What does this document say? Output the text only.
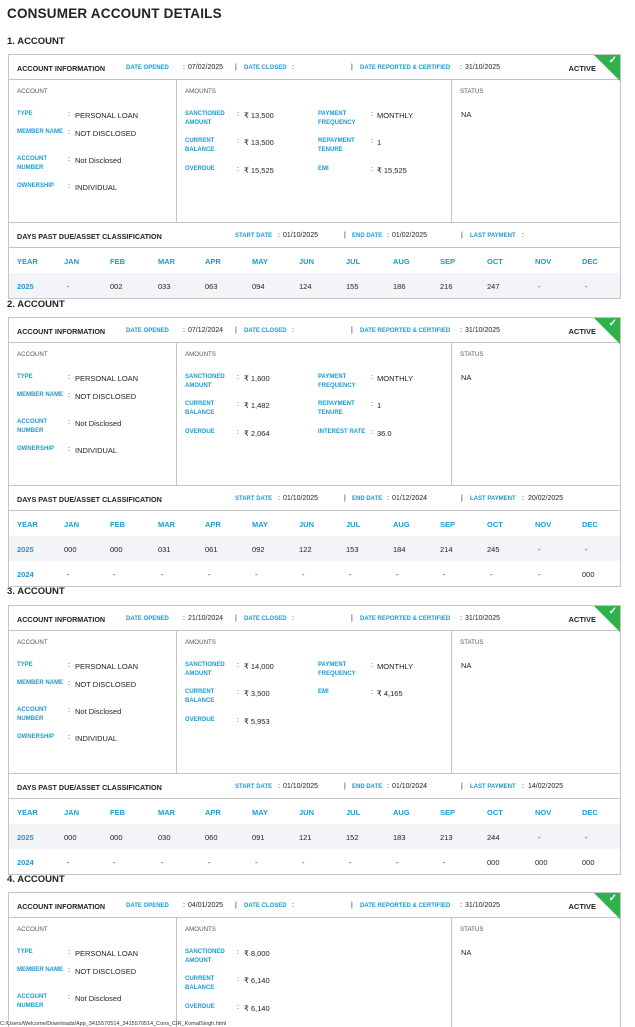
CONSUMER ACCOUNT DETAILS
1. ACCOUNT
ACCOUNT INFORMATION	DATE OPENED : 07/02/2025 | DATE CLOSED :	| DATE REPORTED & CERTIFIED : 31/10/2025	ACTIVE
✓
ACCOUNT
TYPE	: PERSONAL LOAN
MEMBER NAME : NOT DISCLOSED
ACCOUNT NUMBER
: Not Disclosed
OWNERSHIP	: INDIVIDUAL
AMOUNTS
SANCTIONED AMOUNT
: ₹ 13,500
CURRENT BALANCE
: ₹ 13,500
OVERDUE	: ₹ 15,525
PAYMENT FREQUENCY
: MONTHLY
REPAYMENT TENURE
: 1
EMI	: ₹ 15,525
STATUS
NA
DAYS PAST DUE/ASSET CLASSIFICATION	START DATE : 01/10/2025	| END DATE : 01/02/2025	| LAST PAYMENT :
YEAR	JAN	FEB	MAR	APR	MAY	JUN	JUL	AUG	SEP	OCT	NOV	DEC
2025	-	002	033	063	094	124	155	186	216	247	-	-
2. ACCOUNT
ACCOUNT INFORMATION	DATE OPENED : 07/12/2024 | DATE CLOSED :	| DATE REPORTED & CERTIFIED : 31/10/2025	ACTIVE
✓
ACCOUNT
TYPE	: PERSONAL LOAN
MEMBER NAME : NOT DISCLOSED
ACCOUNT NUMBER
: Not Disclosed
OWNERSHIP	: INDIVIDUAL
AMOUNTS
SANCTIONED AMOUNT
: ₹ 1,600
CURRENT BALANCE
: ₹ 1,482
OVERDUE	: ₹ 2,064
PAYMENT FREQUENCY
: MONTHLY
REPAYMENT TENURE
: 1
INTEREST RATE : 36.0
STATUS
NA
DAYS PAST DUE/ASSET CLASSIFICATION	START DATE : 01/10/2025	| END DATE : 01/12/2024	| LAST PAYMENT : 20/02/2025
YEAR	JAN	FEB	MAR	APR	MAY	JUN	JUL	AUG	SEP	OCT	NOV	DEC
2025	000	000	031	061	092	122	153	184	214	245	-	-
2024	-	-	-	-	-	-	-	-	-	-	-	000
3. ACCOUNT
ACCOUNT INFORMATION	DATE OPENED : 21/10/2024 | DATE CLOSED :	| DATE REPORTED & CERTIFIED : 31/10/2025	ACTIVE
✓
ACCOUNT
TYPE	: PERSONAL LOAN
MEMBER NAME : NOT DISCLOSED
ACCOUNT NUMBER
: Not Disclosed
OWNERSHIP	: INDIVIDUAL
AMOUNTS
SANCTIONED AMOUNT
: ₹ 14,000
CURRENT BALANCE
: ₹ 3,500
OVERDUE	: ₹ 5,953
PAYMENT FREQUENCY
: MONTHLY
EMI	: ₹ 4,165
STATUS
NA
DAYS PAST DUE/ASSET CLASSIFICATION	START DATE : 01/10/2025	| END DATE : 01/10/2024	| LAST PAYMENT : 14/02/2025
YEAR	JAN	FEB	MAR	APR	MAY	JUN	JUL	AUG	SEP	OCT	NOV	DEC
2025	000	000	030	060	091	121	152	183	213	244	-	-
2024	-	-	-	-	-	-	-	-	-	000	000	000
4. ACCOUNT
ACCOUNT INFORMATION	DATE OPENED : 04/01/2025 | DATE CLOSED :	| DATE REPORTED & CERTIFIED : 31/10/2025	ACTIVE
✓
ACCOUNT
TYPE	: PERSONAL LOAN
MEMBER NAME : NOT DISCLOSED
ACCOUNT NUMBER
: Not Disclosed
AMOUNTS
SANCTIONED AMOUNT
: ₹ 8,000
CURRENT BALANCE
: ₹ 6,140
OVERDUE	: ₹ 6,140
STATUS
NA
C:/Users/Welcome/Downloads/App_3415570514_3415570514_Cons_CIR_KomalSingh.html
